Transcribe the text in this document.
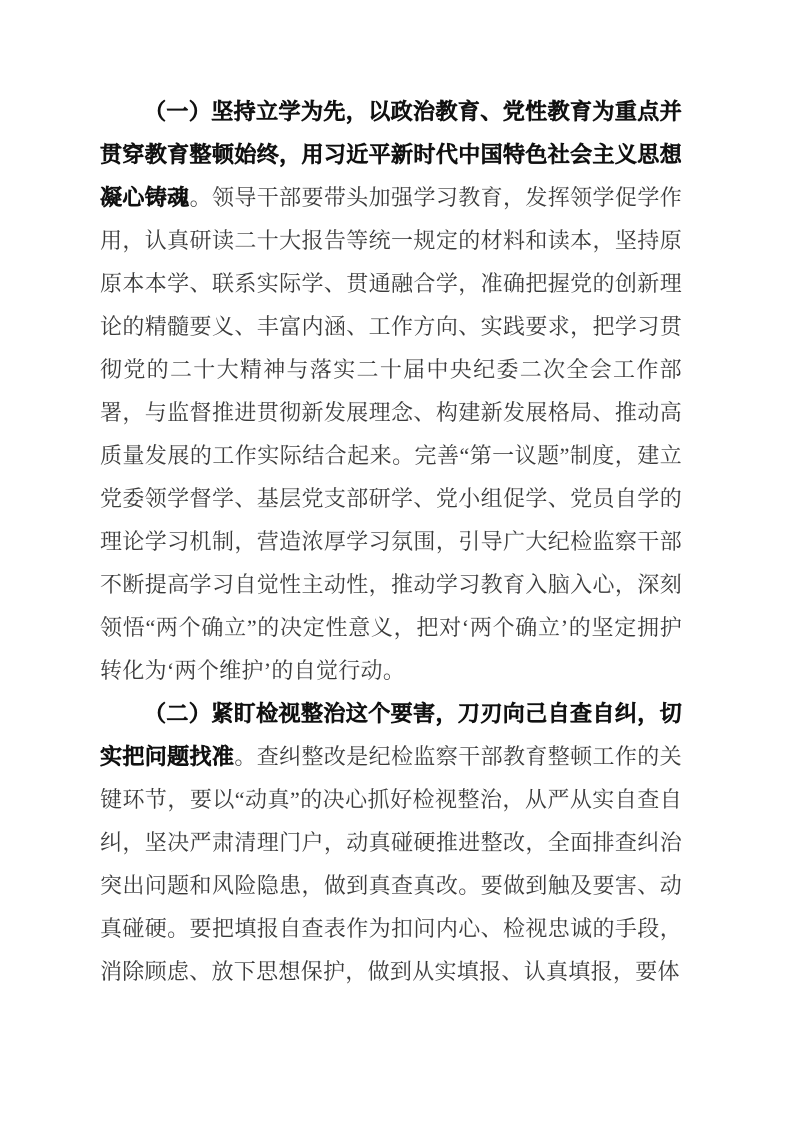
（一）坚持立学为先，以政治教育、党性教育为重点并贯穿教育整顿始终，用习近平新时代中国特色社会主义思想凝心铸魂。领导干部要带头加强学习教育，发挥领学促学作用，认真研读二十大报告等统一规定的材料和读本，坚持原原本本学、联系实际学、贯通融合学，准确把握党的创新理论的精髓要义、丰富内涵、工作方向、实践要求，把学习贯彻党的二十大精神与落实二十届中央纪委二次全会工作部署，与监督推进贯彻新发展理念、构建新发展格局、推动高质量发展的工作实际结合起来。完善“第一议题”制度，建立党委领学督学、基层党支部研学、党小组促学、党员自学的理论学习机制，营造浓厚学习氛围，引导广大纪检监察干部不断提高学习自觉性主动性，推动学习教育入脑入心，深刻领悟“两个确立”的决定性意义，把对‘两个确立’的坚定拥护转化为‘两个维护’的自觉行动。

（二）紧盯检视整治这个要害，刀刃向己自查自纠，切实把问题找准。查纠整改是纪检监察干部教育整顿工作的关键环节，要以“动真”的决心抓好检视整治，从严从实自查自纠，坚决严肃清理门户，动真碰硬推进整改，全面排查纠治突出问题和风险隐患，做到真查真改。要做到触及要害、动真碰硬。要把填报自查表作为扣问内心、检视忠诚的手段，消除顾虑、放下思想保护，做到从实填报、认真填报，要体
